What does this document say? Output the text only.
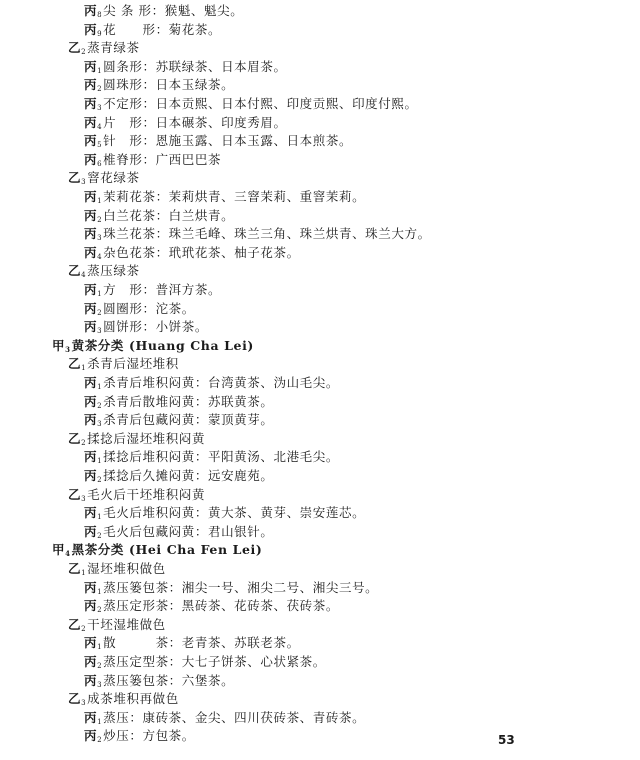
丙$_8$尖 条 形：猴魁、魁尖。
丙$_9$花　　形：菊花茶。
乙$_2$蒸青绿茶
丙$_1$圆条形：苏联绿茶、日本眉茶。
丙$_2$圆珠形：日本玉绿茶。
丙$_3$不定形：日本贡熙、日本付熙、印度贡熙、印度付熙。
丙$_4$片　形：日本碾茶、印度秀眉。
丙$_5$针　形：恩施玉露、日本玉露、日本煎茶。
丙$_6$椎脊形：广西巴巴茶
乙$_3$窨花绿茶
丙$_1$茉莉花茶：茉莉烘青、三窨茉莉、重窨茉莉。
丙$_2$白兰花茶：白兰烘青。
丙$_3$珠兰花茶：珠兰毛峰、珠兰三角、珠兰烘青、珠兰大方。
丙$_4$杂色花茶：玳玳花茶、柚子花茶。
乙$_4$蒸压绿茶
丙$_1$方　形：普洱方茶。
丙$_2$圆圈形：沱茶。
丙$_3$圆饼形：小饼茶。
甲$_3$黄茶分类 (Huang Cha Lei)
乙$_1$杀青后湿坯堆积
丙$_1$杀青后堆积闷黄：台湾黄茶、沩山毛尖。
丙$_2$杀青后散堆闷黄：苏联黄茶。
丙$_3$杀青后包藏闷黄：蒙顶黄芽。
乙$_2$揉捻后湿坯堆积闷黄
丙$_1$揉捻后堆积闷黄：平阳黄汤、北港毛尖。
丙$_2$揉捻后久摊闷黄：远安鹿苑。
乙$_3$毛火后干坯堆积闷黄
丙$_1$毛火后堆积闷黄：黄大茶、黄芽、崇安莲芯。
丙$_2$毛火后包藏闷黄：君山银针。
甲$_4$黑茶分类 (Hei Cha Fen Lei)
乙$_1$湿坯堆积做色
丙$_1$蒸压篓包茶：湘尖一号、湘尖二号、湘尖三号。
丙$_2$蒸压定形茶：黑砖茶、花砖茶、茯砖茶。
乙$_2$干坯湿堆做色
丙$_1$散　　　茶：老青茶、苏联老茶。
丙$_2$蒸压定型茶：大七子饼茶、心状紧茶。
丙$_3$蒸压篓包茶：六堡茶。
乙$_3$成茶堆积再做色
丙$_1$蒸压：康砖茶、金尖、四川茯砖茶、青砖茶。
丙$_2$炒压：方包茶。	53
